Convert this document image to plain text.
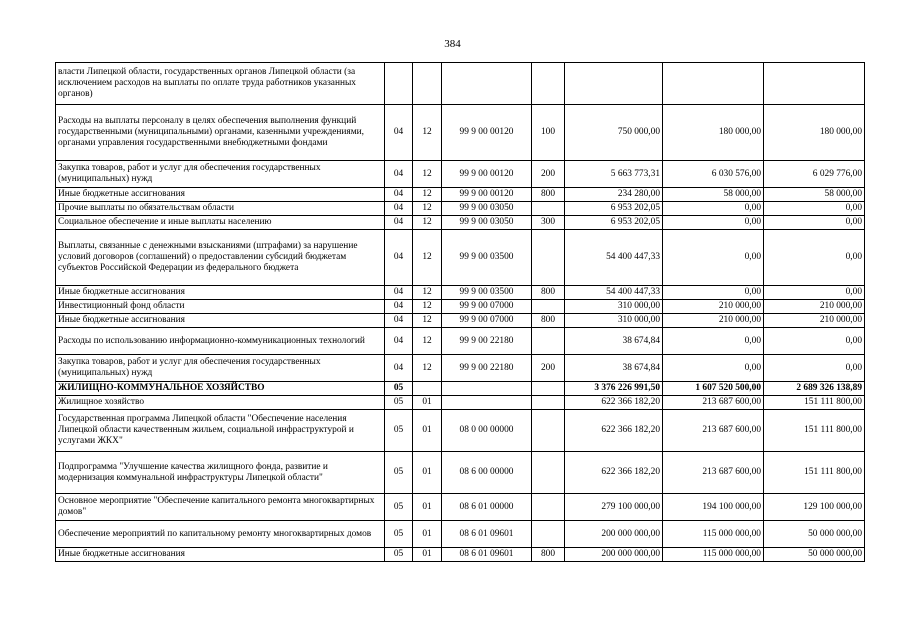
384
власти Липецкой области, государственных органов Липецкой области (за исключением расходов на выплаты по оплате труда работников указанных органов)							
Расходы на выплаты персоналу в целях обеспечения выполнения функций государственными (муниципальными) органами, казенными учреждениями, органами управления государственными внебюджетными фондами	04	12	99 9 00 00120	100	750 000,00	180 000,00	180 000,00
Закупка товаров, работ и услуг для обеспечения государственных (муниципальных) нужд	04	12	99 9 00 00120	200	5 663 773,31	6 030 576,00	6 029 776,00
Иные бюджетные ассигнования	04	12	99 9 00 00120	800	234 280,00	58 000,00	58 000,00
Прочие выплаты по обязательствам области	04	12	99 9 00 03050		6 953 202,05	0,00	0,00
Социальное обеспечение и иные выплаты населению	04	12	99 9 00 03050	300	6 953 202,05	0,00	0,00
Выплаты, связанные с денежными взысканиями (штрафами) за нарушение условий договоров (соглашений) о предоставлении субсидий бюджетам субъектов Российской Федерации из федерального бюджета	04	12	99 9 00 03500		54 400 447,33	0,00	0,00
Иные бюджетные ассигнования	04	12	99 9 00 03500	800	54 400 447,33	0,00	0,00
Инвестиционный фонд области	04	12	99 9 00 07000		310 000,00	210 000,00	210 000,00
Иные бюджетные ассигнования	04	12	99 9 00 07000	800	310 000,00	210 000,00	210 000,00
Расходы по использованию информационно-коммуникационных технологий	04	12	99 9 00 22180		38 674,84	0,00	0,00
Закупка товаров, работ и услуг для обеспечения государственных (муниципальных) нужд	04	12	99 9 00 22180	200	38 674,84	0,00	0,00
ЖИЛИЩНО-КОММУНАЛЬНОЕ ХОЗЯЙСТВО	05				3 376 226 991,50	1 607 520 500,00	2 689 326 138,89
Жилищное хозяйство	05	01			622 366 182,20	213 687 600,00	151 111 800,00
Государственная программа Липецкой области "Обеспечение населения Липецкой области качественным жильем, социальной инфраструктурой и услугами ЖКХ"	05	01	08 0 00 00000		622 366 182,20	213 687 600,00	151 111 800,00
Подпрограмма "Улучшение качества жилищного фонда, развитие и модернизация коммунальной инфраструктуры Липецкой области"	05	01	08 6 00 00000		622 366 182,20	213 687 600,00	151 111 800,00
Основное мероприятие "Обеспечение капитального ремонта многоквартирных домов"	05	01	08 6 01 00000		279 100 000,00	194 100 000,00	129 100 000,00
Обеспечение мероприятий по капитальному ремонту многоквартирных домов	05	01	08 6 01 09601		200 000 000,00	115 000 000,00	50 000 000,00
Иные бюджетные ассигнования	05	01	08 6 01 09601	800	200 000 000,00	115 000 000,00	50 000 000,00
